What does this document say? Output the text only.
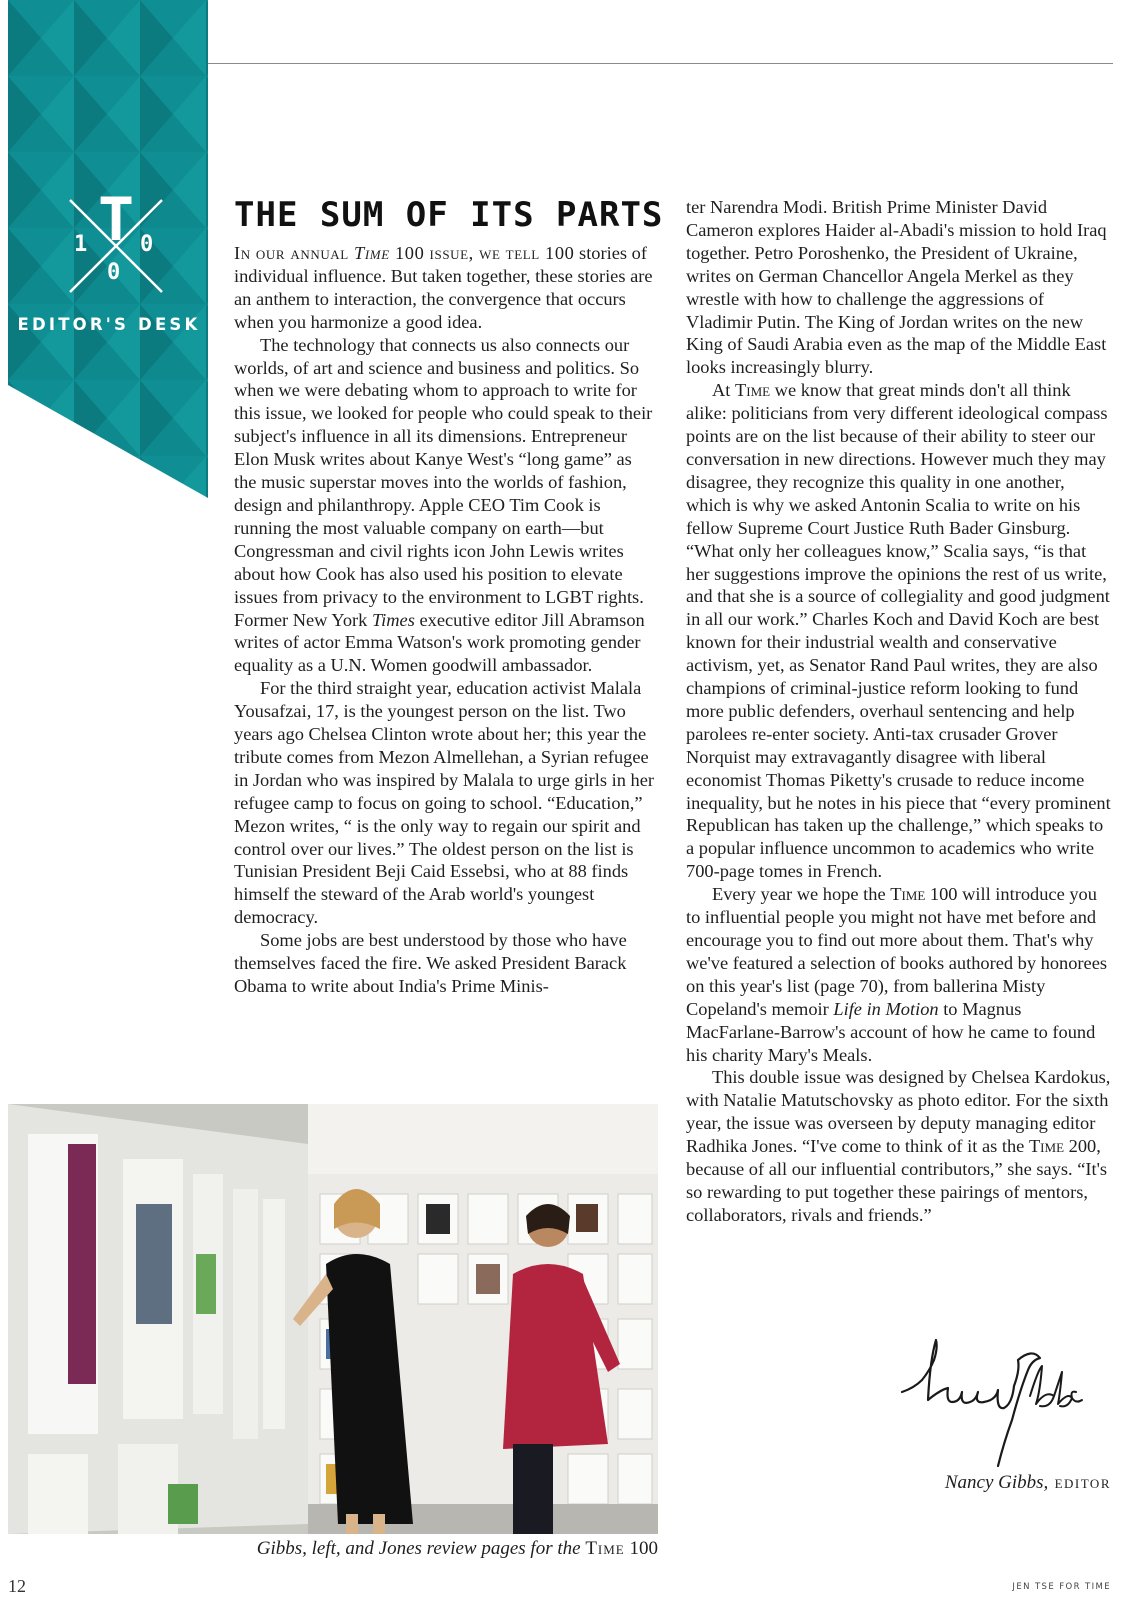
T
1 0
0
EDITOR'S DESK
THE SUM OF ITS PARTS

In our annual Time 100 issue, we tell 100 stories of individual influence. But taken together, these stories are an anthem to interaction, the convergence that occurs when you harmonize a good idea.

The technology that connects us also connects our worlds, of art and science and business and politics. So when we were debating whom to approach to write for this issue, we looked for people who could speak to their subject's influence in all its dimensions. Entrepreneur Elon Musk writes about Kanye West's “long game” as the music superstar moves into the worlds of fashion, design and philanthropy. Apple CEO Tim Cook is running the most valuable company on earth—but Congressman and civil rights icon John Lewis writes about how Cook has also used his position to elevate issues from privacy to the environment to LGBT rights. Former New York Times executive editor Jill Abramson writes of actor Emma Watson's work promoting gender equality as a U.N. Women goodwill ambassador.

For the third straight year, education activist Malala Yousafzai, 17, is the youngest person on the list. Two years ago Chelsea Clinton wrote about her; this year the tribute comes from Mezon Almellehan, a Syrian refugee in Jordan who was inspired by Malala to urge girls in her refugee camp to focus on going to school. “Education,” Mezon writes, “ is the only way to regain our spirit and control over our lives.” The oldest person on the list is Tunisian President Beji Caid Essebsi, who at 88 finds himself the steward of the Arab world's youngest democracy.

Some jobs are best understood by those who have themselves faced the fire. We asked President Barack Obama to write about India's Prime Minis-

ter Narendra Modi. British Prime Minister David Cameron explores Haider al-Abadi's mission to hold Iraq together. Petro Poroshenko, the President of Ukraine, writes on German Chancellor Angela Merkel as they wrestle with how to challenge the aggressions of Vladimir Putin. The King of Jordan writes on the new King of Saudi Arabia even as the map of the Middle East looks increasingly blurry.

At Time we know that great minds don't all think alike: politicians from very different ideological compass points are on the list because of their ability to steer our conversation in new directions. However much they may disagree, they recognize this quality in one another, which is why we asked Antonin Scalia to write on his fellow Supreme Court Justice Ruth Bader Ginsburg. “What only her colleagues know,” Scalia says, “is that her suggestions improve the opinions the rest of us write, and that she is a source of collegiality and good judgment in all our work.” Charles Koch and David Koch are best known for their industrial wealth and conservative activism, yet, as Senator Rand Paul writes, they are also champions of criminal-justice reform looking to fund more public defenders, overhaul sentencing and help parolees re-enter society. Anti-tax crusader Grover Norquist may extravagantly disagree with liberal economist Thomas Piketty's crusade to reduce income inequality, but he notes in his piece that “every prominent Republican has taken up the challenge,” which speaks to a popular influence uncommon to academics who write 700-page tomes in French.

Every year we hope the Time 100 will introduce you to influential people you might not have met before and encourage you to find out more about them. That's why we've featured a selection of books authored by honorees on this year's list (page 70), from ballerina Misty Copeland's memoir Life in Motion to Magnus MacFarlane-Barrow's account of how he came to found his charity Mary's Meals.

This double issue was designed by Chelsea Kardokus, with Natalie Matutschovsky as photo editor. For the sixth year, the issue was overseen by deputy managing editor Radhika Jones. “I've come to think of it as the Time 200, because of all our influential contributors,” she says. “It's so rewarding to put together these pairings of mentors, collaborators, rivals and friends.”

Gibbs, left, and Jones review pages for the Time 100
Nancy Gibbs, editor
12	JEN TSE FOR TIME
